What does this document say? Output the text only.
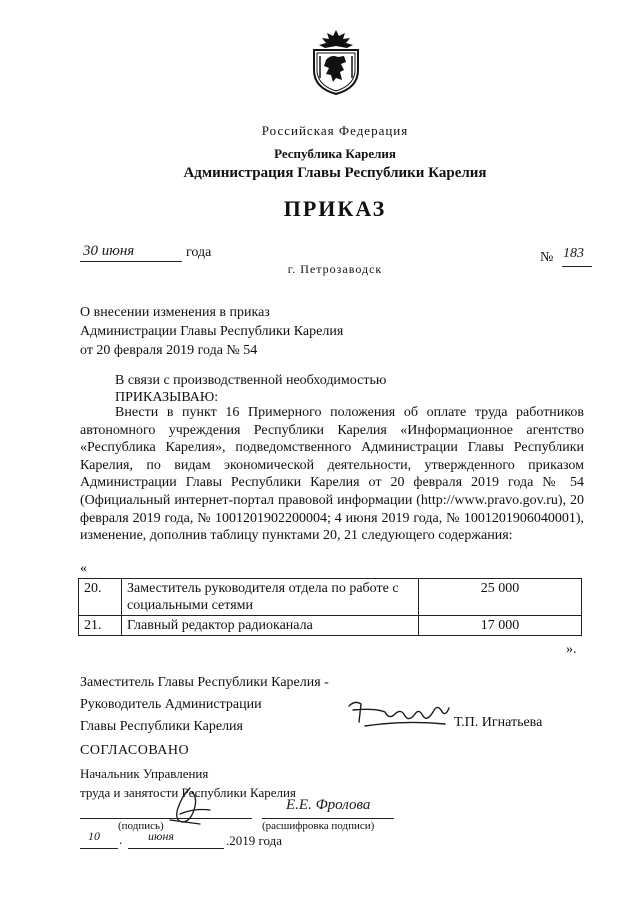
Российская Федерация
Республика Карелия
Администрация Главы Республики Карелия
ПРИКАЗ
30 июня	года	№ 183
г. Петрозаводск
О внесении изменения в приказ
Администрации Главы Республики Карелия
от 20 февраля 2019 года № 54
В связи с производственной необходимостью
ПРИКАЗЫВАЮ:

Внести в пункт 16 Примерного положения об оплате труда работников автономного учреждения Республики Карелия «Информационное агентство «Республика Карелия», подведомственного Администрации Главы Республики Карелия, по видам экономической деятельности, утвержденного приказом Администрации Главы Республики Карелия от 20 февраля 2019 года № 54 (Официальный интернет-портал правовой информации (http://www.pravo.gov.ru), 20 февраля 2019 года, № 1001201902200004; 4 июня 2019 года, № 1001201906040001), изменение, дополнив таблицу пунктами 20, 21 следующего содержания:

«
20.	Заместитель руководителя отдела по работе с социальными сетями	25 000
21.	Главный редактор радиоканала	17 000
».
Заместитель Главы Республики Карелия -
Руководитель Администрации
Главы Республики Карелия	Т.П. Игнатьева
СОГЛАСОВАНО
Начальник Управления
труда и занятости Республики Карелия
Е.Е. Фролова
(подпись)	(расшифровка подписи)
10 . июня	.2019 года
